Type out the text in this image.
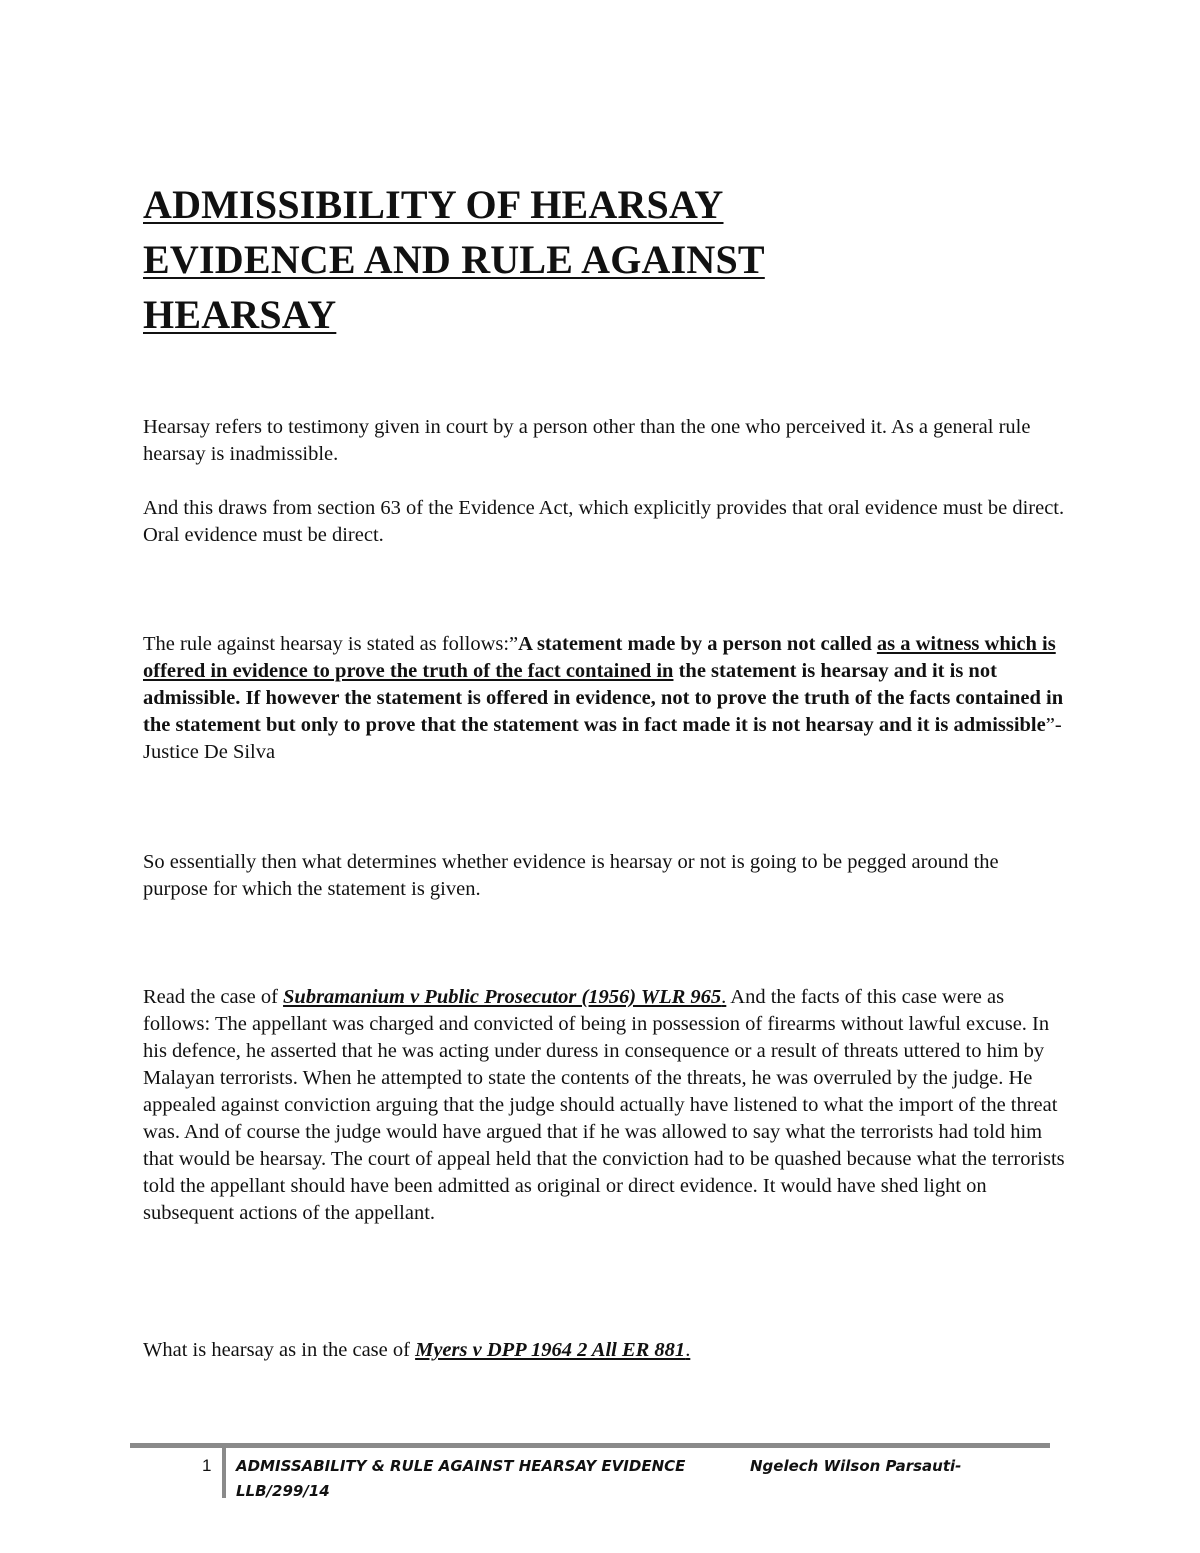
ADMISSIBILITY OF HEARSAY
EVIDENCE AND RULE AGAINST
HEARSAY

Hearsay refers to testimony given in court by a person other than the one who perceived it. As a general rule hearsay is inadmissible.

And this draws from section 63 of the Evidence Act, which explicitly provides that oral evidence must be direct. Oral evidence must be direct.

The rule against hearsay is stated as follows:”A statement made by a person not called as a witness which is offered in evidence to prove the truth of the fact contained in the statement is hearsay and it is not admissible. If however the statement is offered in evidence, not to prove the truth of the facts contained in the statement but only to prove that the statement was in fact made it is not hearsay and it is admissible”- Justice De Silva

So essentially then what determines whether evidence is hearsay or not is going to be pegged around the purpose for which the statement is given.

Read the case of Subramanium v Public Prosecutor (1956) WLR 965. And the facts of this case were as follows: The appellant was charged and convicted of being in possession of firearms without lawful excuse. In his defence, he asserted that he was acting under duress in consequence or a result of threats uttered to him by Malayan terrorists. When he attempted to state the contents of the threats, he was overruled by the judge. He appealed against conviction arguing that the judge should actually have listened to what the import of the threat was. And of course the judge would have argued that if he was allowed to say what the terrorists had told him that would be hearsay. The court of appeal held that the conviction had to be quashed because what the terrorists told the appellant should have been admitted as original or direct evidence. It would have shed light on subsequent actions of the appellant.

What is hearsay as in the case of Myers v DPP 1964 2 All ER 881.

1 ADMISSABILITY & RULE AGAINST HEARSAY EVIDENCE	Ngelech Wilson Parsauti-
LLB/299/14
